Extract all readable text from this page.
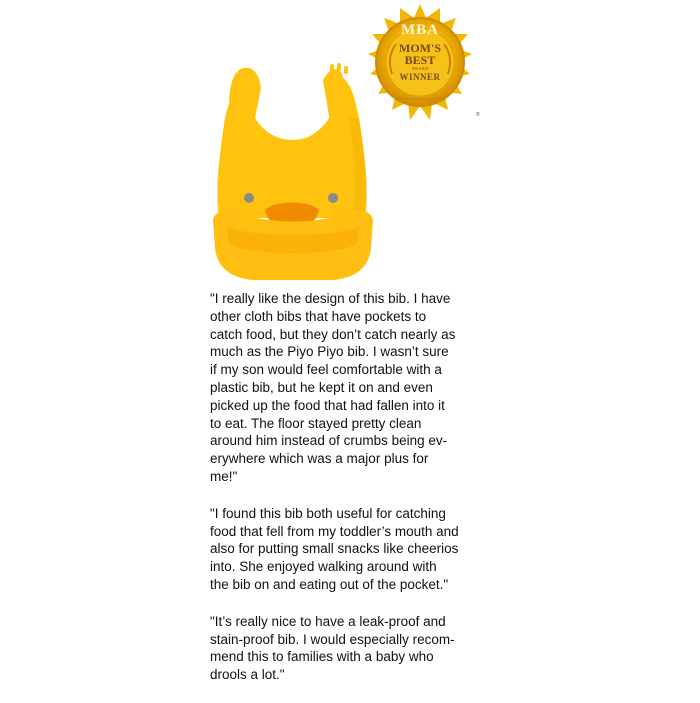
MBA
MOM'S
BEST
AWARD
WINNER
www.momsbestaward.com
®

"I really like the design of this bib. I have
other cloth bibs that have pockets to
catch food, but they don’t catch nearly as
much as the Piyo Piyo bib. I wasn’t sure
if my son would feel comfortable with a
plastic bib, but he kept it on and even
picked up the food that had fallen into it
to eat. The floor stayed pretty clean
around him instead of crumbs being ev-
erywhere which was a major plus for
me!"

"I found this bib both useful for catching
food that fell from my toddler’s mouth and
also for putting small snacks like cheerios
into. She enjoyed walking around with
the bib on and eating out of the pocket."

"It’s really nice to have a leak-proof and
stain-proof bib. I would especially recom-
mend this to families with a baby who
drools a lot."
